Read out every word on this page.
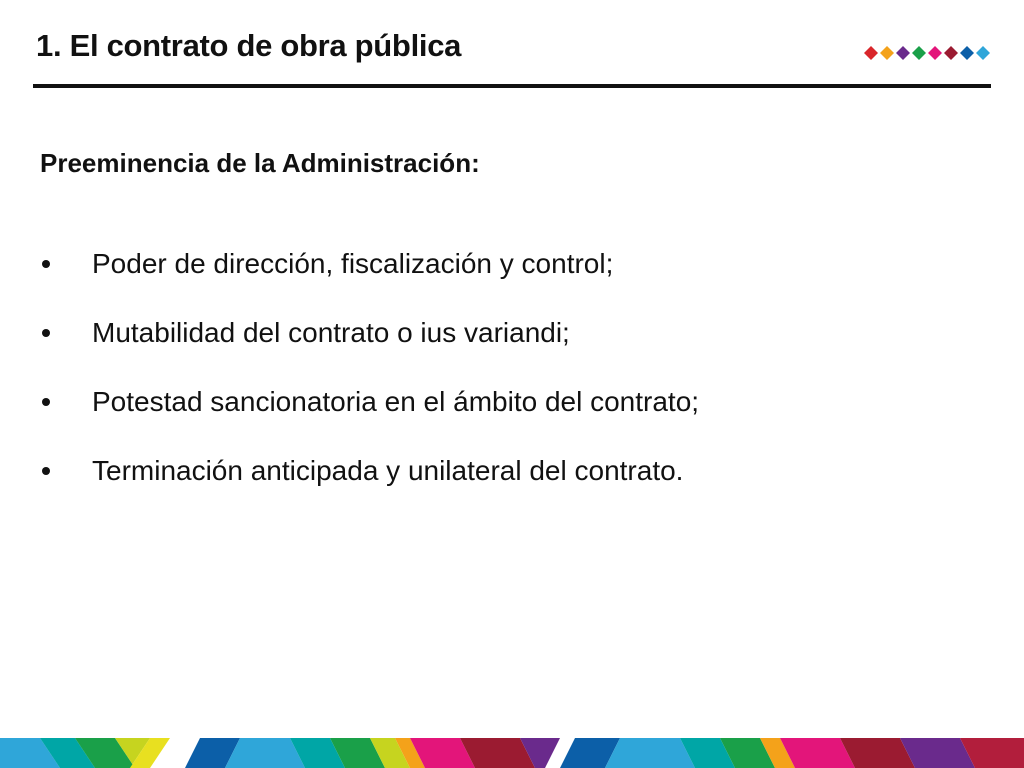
1. El contrato de obra pública
Preeminencia de la Administración:
Poder de dirección, fiscalización y control;
Mutabilidad del contrato o ius variandi;
Potestad sancionatoria en el ámbito del contrato;
Terminación anticipada y unilateral del contrato.
